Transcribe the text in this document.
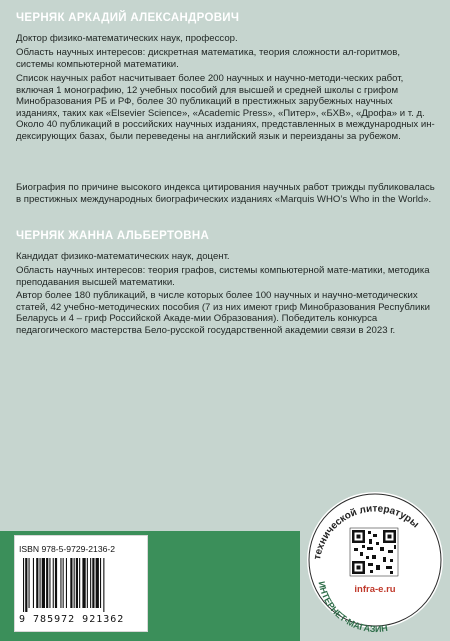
ЧЕРНЯК АРКАДИЙ АЛЕКСАНДРОВИЧ

Доктор физико-математических наук, профессор.

Область научных интересов: дискретная математика, теория сложности ал-горитмов, системы компьютерной математики.

Список научных работ насчитывает более 200 научных и научно-методи-ческих работ, включая 1 монографию, 12 учебных пособий для высшей и средней школы с грифом Минобразования РБ и РФ, более 30 публикаций в престижных зарубежных научных изданиях, таких как «Elsevier Science», «Academic Press», «Питер», «БХВ», «Дрофа» и т. д. Около 40 публикаций в российских научных изданиях, представленных в международных ин-дексирующих базах, были переведены на английский язык и переизданы за рубежом.

Биография по причине высокого индекса цитирования научных работ трижды публиковалась в престижных международных биографических изданиях «Marquis WHO’s Who in the World».

ЧЕРНЯК ЖАННА АЛЬБЕРТОВНА

Кандидат физико-математических наук, доцент.

Область научных интересов: теория графов, системы компьютерной мате-матики, методика преподавания высшей математики.

Автор более 180 публикаций, в числе которых более 100 научных и научно-методических статей, 42 учебно-методических пособия (7 из них имеют гриф Минобразования Республики Беларусь и 4 – гриф Российской Акаде-мии Образования). Победитель конкурса педагогического мастерства Бело-русской государственной академии связи в 2023 г.

ISBN 978-5-9729-2136-2
9 785972 921362
технической литературы
ИНТЕРНЕТ-МАГАЗИН
infra-e.ru
